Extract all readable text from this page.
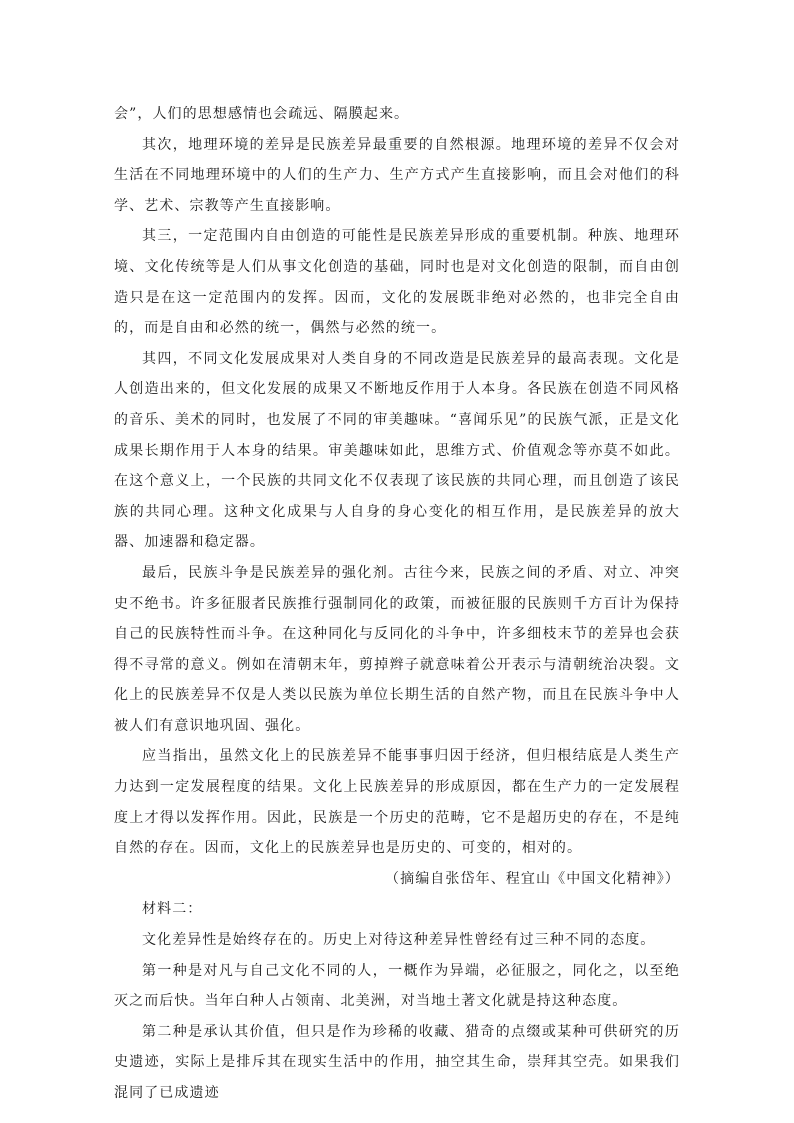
会”，人们的思想感情也会疏远、隔膜起来。

其次，地理环境的差异是民族差异最重要的自然根源。地理环境的差异不仅会对生活在不同地理环境中的人们的生产力、生产方式产生直接影响，而且会对他们的科学、艺术、宗教等产生直接影响。

其三，一定范围内自由创造的可能性是民族差异形成的重要机制。种族、地理环境、文化传统等是人们从事文化创造的基础，同时也是对文化创造的限制，而自由创造只是在这一定范围内的发挥。因而，文化的发展既非绝对必然的，也非完全自由的，而是自由和必然的统一，偶然与必然的统一。

其四，不同文化发展成果对人类自身的不同改造是民族差异的最高表现。文化是人创造出来的，但文化发展的成果又不断地反作用于人本身。各民族在创造不同风格的音乐、美术的同时，也发展了不同的审美趣味。“喜闻乐见”的民族气派，正是文化成果长期作用于人本身的结果。审美趣味如此，思维方式、价值观念等亦莫不如此。在这个意义上，一个民族的共同文化不仅表现了该民族的共同心理，而且创造了该民族的共同心理。这种文化成果与人自身的身心变化的相互作用，是民族差异的放大器、加速器和稳定器。

最后，民族斗争是民族差异的强化剂。古往今来，民族之间的矛盾、对立、冲突史不绝书。许多征服者民族推行强制同化的政策，而被征服的民族则千方百计为保持自己的民族特性而斗争。在这种同化与反同化的斗争中，许多细枝末节的差异也会获得不寻常的意义。例如在清朝末年，剪掉辫子就意味着公开表示与清朝统治决裂。文化上的民族差异不仅是人类以民族为单位长期生活的自然产物，而且在民族斗争中人被人们有意识地巩固、强化。

应当指出，虽然文化上的民族差异不能事事归因于经济，但归根结底是人类生产力达到一定发展程度的结果。文化上民族差异的形成原因，都在生产力的一定发展程度上才得以发挥作用。因此，民族是一个历史的范畴，它不是超历史的存在，不是纯自然的存在。因而，文化上的民族差异也是历史的、可变的，相对的。

（摘编自张岱年、程宜山《中国文化精神》）

材料二：

文化差异性是始终存在的。历史上对待这种差异性曾经有过三种不同的态度。

第一种是对凡与自己文化不同的人，一概作为异端，必征服之，同化之，以至绝灭之而后快。当年白种人占领南、北美洲，对当地土著文化就是持这种态度。

第二种是承认其价值，但只是作为珍稀的收藏、猎奇的点缀或某种可供研究的历史遗迹，实际上是排斥其在现实生活中的作用，抽空其生命，崇拜其空壳。如果我们混同了已成遗迹
